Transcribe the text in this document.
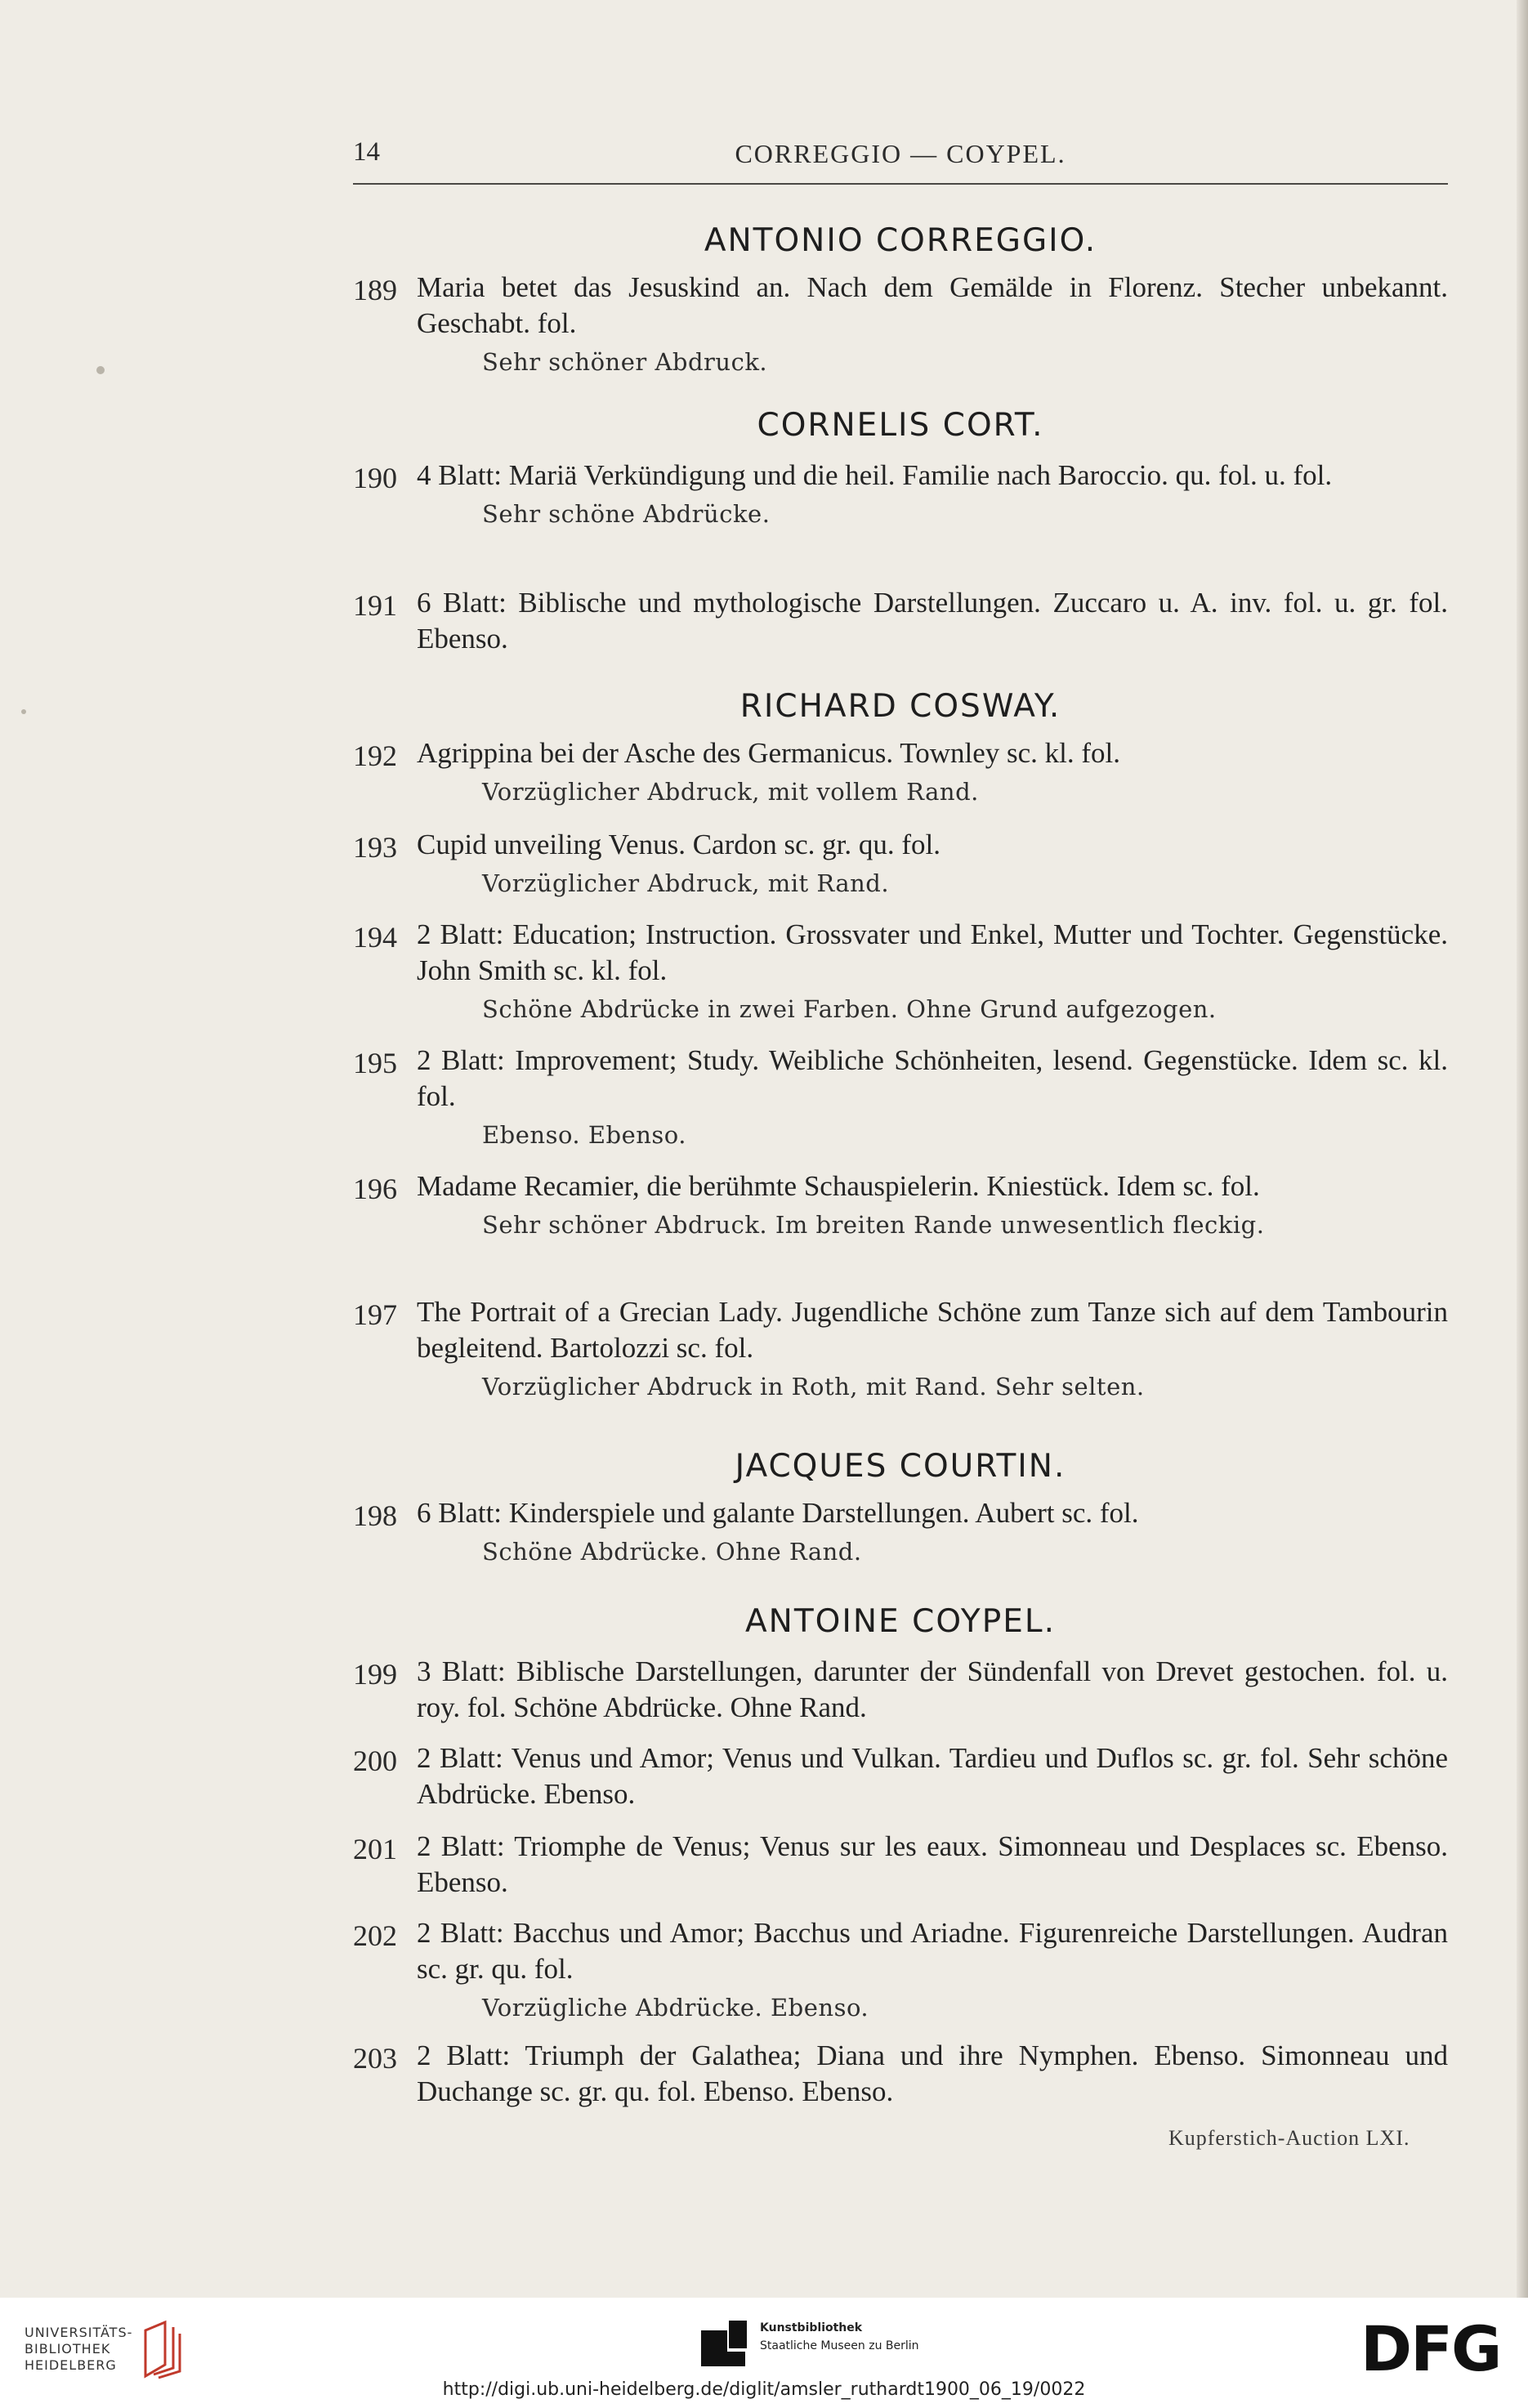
14	CORREGGIO — COYPEL.
ANTONIO CORREGGIO.
189 Maria betet das Jesuskind an. Nach dem Gemälde in Florenz. Stecher unbekannt. Geschabt. fol.
Sehr schöner Abdruck.
CORNELIS CORT.
190 4 Blatt: Mariä Verkündigung und die heil. Familie nach Baroccio. qu. fol. u. fol.
Sehr schöne Abdrücke.
191 6 Blatt: Biblische und mythologische Darstellungen. Zuccaro u. A. inv. fol. u. gr. fol. Ebenso.
RICHARD COSWAY.
192 Agrippina bei der Asche des Germanicus. Townley sc. kl. fol.
Vorzüglicher Abdruck, mit vollem Rand.
193 Cupid unveiling Venus. Cardon sc. gr. qu. fol.
Vorzüglicher Abdruck, mit Rand.
194 2 Blatt: Education; Instruction. Grossvater und Enkel, Mutter und Tochter. Gegenstücke. John Smith sc. kl. fol.
Schöne Abdrücke in zwei Farben. Ohne Grund aufgezogen.
195 2 Blatt: Improvement; Study. Weibliche Schönheiten, lesend. Gegenstücke. Idem sc. kl. fol.
Ebenso. Ebenso.
196 Madame Recamier, die berühmte Schauspielerin. Kniestück. Idem sc. fol.
Sehr schöner Abdruck. Im breiten Rande unwesentlich fleckig.
197 The Portrait of a Grecian Lady. Jugendliche Schöne zum Tanze sich auf dem Tambourin begleitend. Bartolozzi sc. fol.
Vorzüglicher Abdruck in Roth, mit Rand. Sehr selten.
JACQUES COURTIN.
198 6 Blatt: Kinderspiele und galante Darstellungen. Aubert sc. fol.
Schöne Abdrücke. Ohne Rand.
ANTOINE COYPEL.
199 3 Blatt: Biblische Darstellungen, darunter der Sündenfall von Drevet gestochen. fol. u. roy. fol. Schöne Abdrücke. Ohne Rand.
200 2 Blatt: Venus und Amor; Venus und Vulkan. Tardieu und Duflos sc. gr. fol. Sehr schöne Abdrücke. Ebenso.
201 2 Blatt: Triomphe de Venus; Venus sur les eaux. Simonneau und Desplaces sc. Ebenso. Ebenso.
202 2 Blatt: Bacchus und Amor; Bacchus und Ariadne. Figurenreiche Darstellungen. Audran sc. gr. qu. fol.
Vorzügliche Abdrücke. Ebenso.
203 2 Blatt: Triumph der Galathea; Diana und ihre Nymphen. Ebenso. Simonneau und Duchange sc. gr. qu. fol. Ebenso. Ebenso.
Kupferstich-Auction LXI.
UNIVERSITÄTS- BIBLIOTHEK HEIDELBERG
Kunstbibliothek
Staatliche Museen zu Berlin	DFG
http://digi.ub.uni-heidelberg.de/diglit/amsler_ruthardt1900_06_19/0022
